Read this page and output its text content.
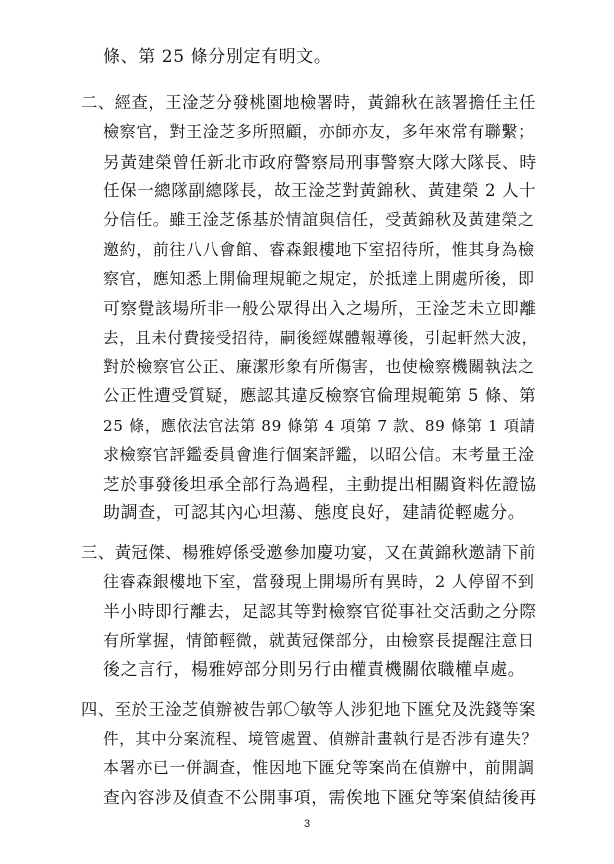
條、第 25 條分別定有明文。
二、經查，王淦芝分發桃園地檢署時，黃錦秋在該署擔任主任
檢察官，對王淦芝多所照顧，亦師亦友，多年來常有聯繫；
另黃建榮曾任新北市政府警察局刑事警察大隊大隊長、時
任保一總隊副總隊長，故王淦芝對黃錦秋、黃建榮 2 人十
分信任。雖王淦芝係基於情誼與信任，受黃錦秋及黃建榮之
邀約，前往八八會館、睿森銀樓地下室招待所，惟其身為檢
察官，應知悉上開倫理規範之規定，於抵達上開處所後，即
可察覺該場所非一般公眾得出入之場所，王淦芝未立即離
去，且未付費接受招待，嗣後經媒體報導後，引起軒然大波，
對於檢察官公正、廉潔形象有所傷害，也使檢察機關執法之
公正性遭受質疑，應認其違反檢察官倫理規範第 5 條、第
25 條，應依法官法第 89 條第 4 項第 7 款、89 條第 1 項請
求檢察官評鑑委員會進行個案評鑑，以昭公信。末考量王淦
芝於事發後坦承全部行為過程，主動提出相關資料佐證協
助調查，可認其內心坦蕩、態度良好，建請從輕處分。
三、黃冠傑、楊雅婷係受邀參加慶功宴，又在黃錦秋邀請下前
往睿森銀樓地下室，當發現上開場所有異時，2 人停留不到
半小時即行離去，足認其等對檢察官從事社交活動之分際
有所掌握，情節輕微，就黃冠傑部分，由檢察長提醒注意日
後之言行，楊雅婷部分則另行由權責機關依職權卓處。
四、至於王淦芝偵辦被告郭〇敏等人涉犯地下匯兌及洗錢等案
件，其中分案流程、境管處置、偵辦計畫執行是否涉有違失？
本署亦已一併調查，惟因地下匯兌等案尚在偵辦中，前開調
查內容涉及偵查不公開事項，需俟地下匯兌等案偵結後再
3
